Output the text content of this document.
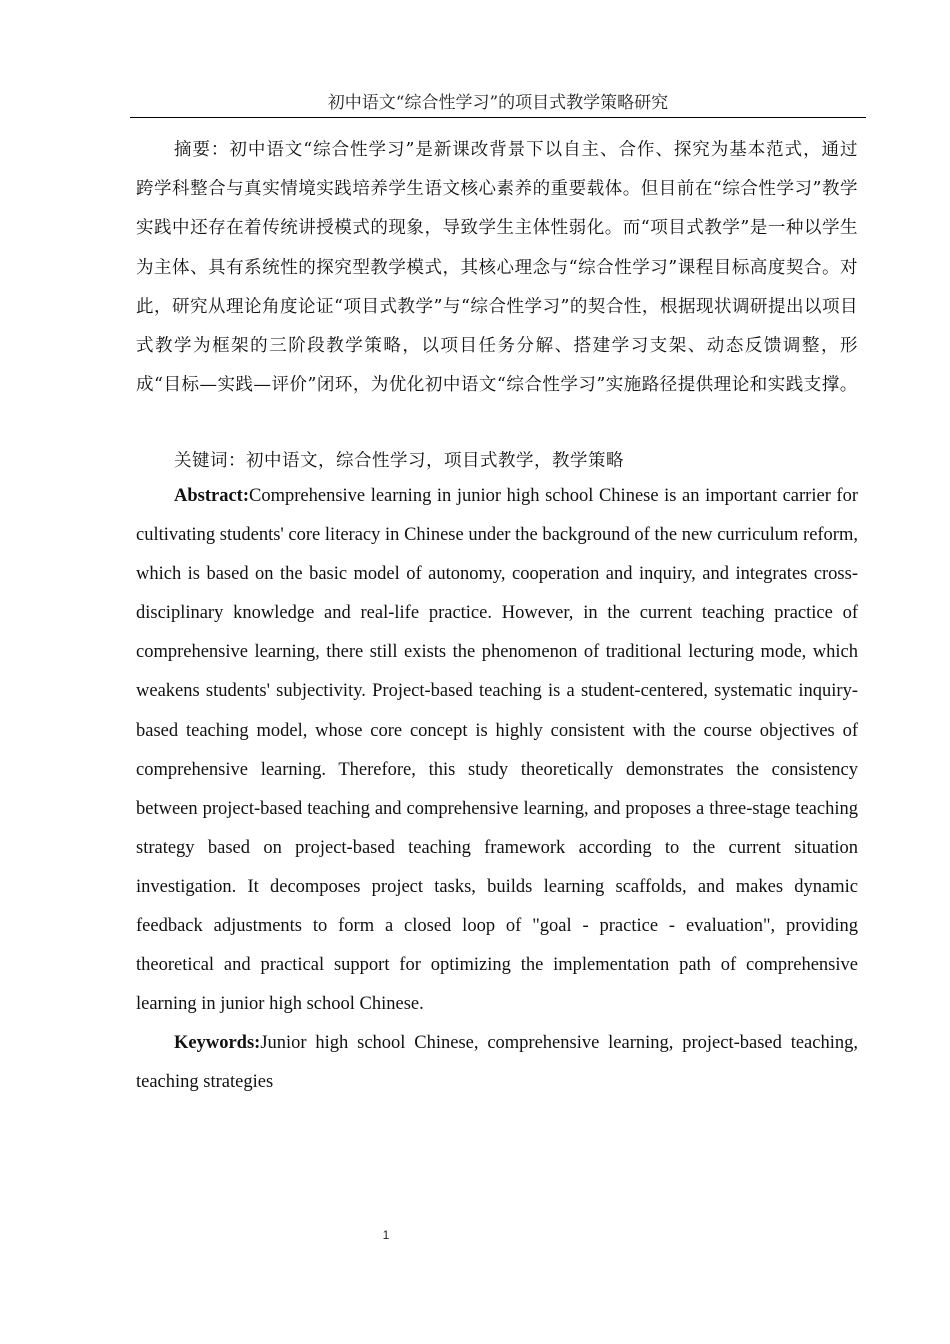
初中语文“综合性学习”的项目式教学策略研究

摘要：初中语文“综合性学习”是新课改背景下以自主、合作、探究为基本范式，通过跨学科整合与真实情境实践培养学生语文核心素养的重要载体。但目前在“综合性学习”教学实践中还存在着传统讲授模式的现象，导致学生主体性弱化。而“项目式教学”是一种以学生为主体、具有系统性的探究型教学模式，其核心理念与“综合性学习”课程目标高度契合。对此，研究从理论角度论证“项目式教学”与“综合性学习”的契合性，根据现状调研提出以项目式教学为框架的三阶段教学策略，以项目任务分解、搭建学习支架、动态反馈调整，形成“目标—实践—评价”闭环，为优化初中语文“综合性学习”实施路径提供理论和实践支撑。

关键词：初中语文，综合性学习，项目式教学，教学策略

Abstract:Comprehensive learning in junior high school Chinese is an important carrier for cultivating students' core literacy in Chinese under the background of the new curriculum reform, which is based on the basic model of autonomy, cooperation and inquiry, and integrates cross-disciplinary knowledge and real-life practice. However, in the current teaching practice of comprehensive learning, there still exists the phenomenon of traditional lecturing mode, which weakens students' subjectivity. Project-based teaching is a student-centered, systematic inquiry-based teaching model, whose core concept is highly consistent with the course objectives of comprehensive learning. Therefore, this study theoretically demonstrates the consistency between project-based teaching and comprehensive learning, and proposes a three-stage teaching strategy based on project-based teaching framework according to the current situation investigation. It decomposes project tasks, builds learning scaffolds, and makes dynamic feedback adjustments to form a closed loop of "goal - practice - evaluation", providing theoretical and practical support for optimizing the implementation path of comprehensive learning in junior high school Chinese.

Keywords:Junior high school Chinese, comprehensive learning, project-based teaching, teaching strategies

1
